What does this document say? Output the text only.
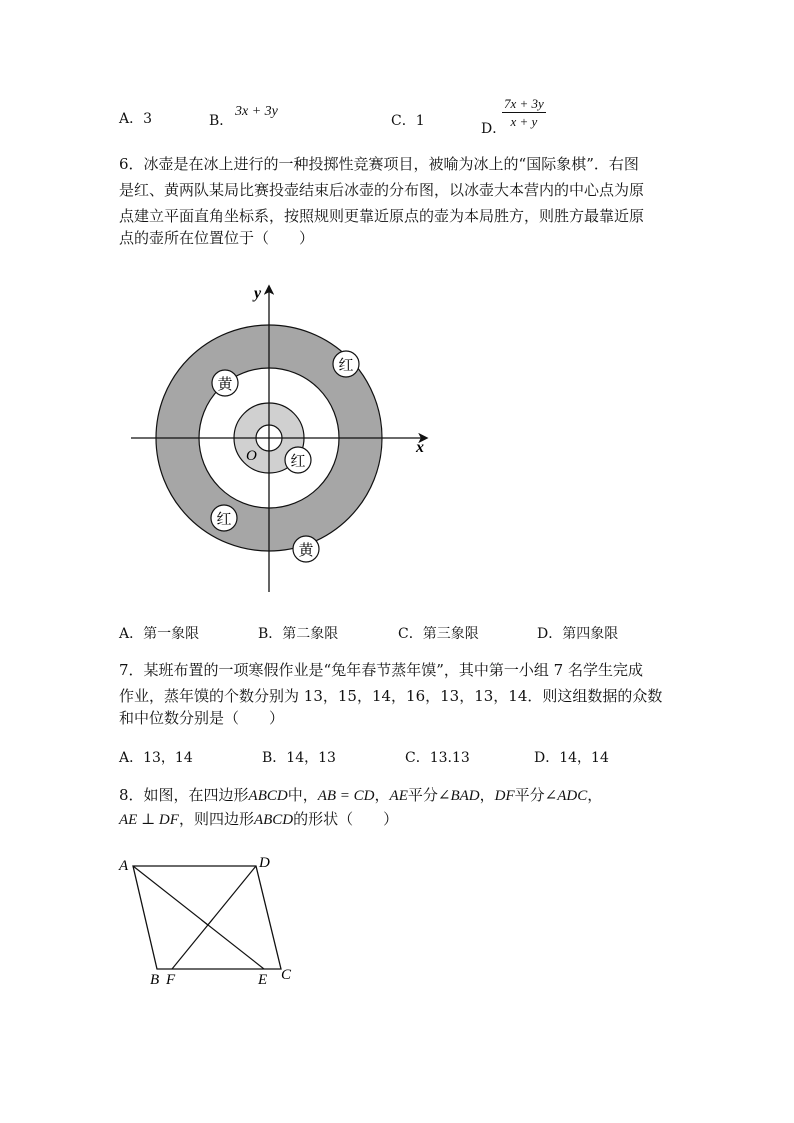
A．3	B．
3x + 3y
C．1	D．
$\frac{7x + 3y}{x + y}$
6．冰壶是在冰上进行的一种投掷性竞赛项目，被喻为冰上的“国际象棋”．右图
是红、黄两队某局比赛投壶结束后冰壶的分布图，以冰壶大本营内的中心点为原
点建立平面直角坐标系，按照规则更靠近原点的壶为本局胜方，则胜方最靠近原
点的壶所在位置位于（　　）
y
x
O
红
黄
红
红
黄
A．第一象限	B．第二象限	C．第三象限	D．第四象限
7．某班布置的一项寒假作业是“兔年春节蒸年馍”，其中第一小组 7 名学生完成
作业，蒸年馍的个数分别为 13，15，14，16，13，13，14．则这组数据的众数
和中位数分别是（　　）
A．13，14	B．14，13	C．13.13	D．14，14
8．如图，在四边形ABCD中，AB = CD，AE平分∠BAD，DF平分∠ADC，
AE ⊥ DF，则四边形ABCD的形状（　　）
A	D
B F	E C
